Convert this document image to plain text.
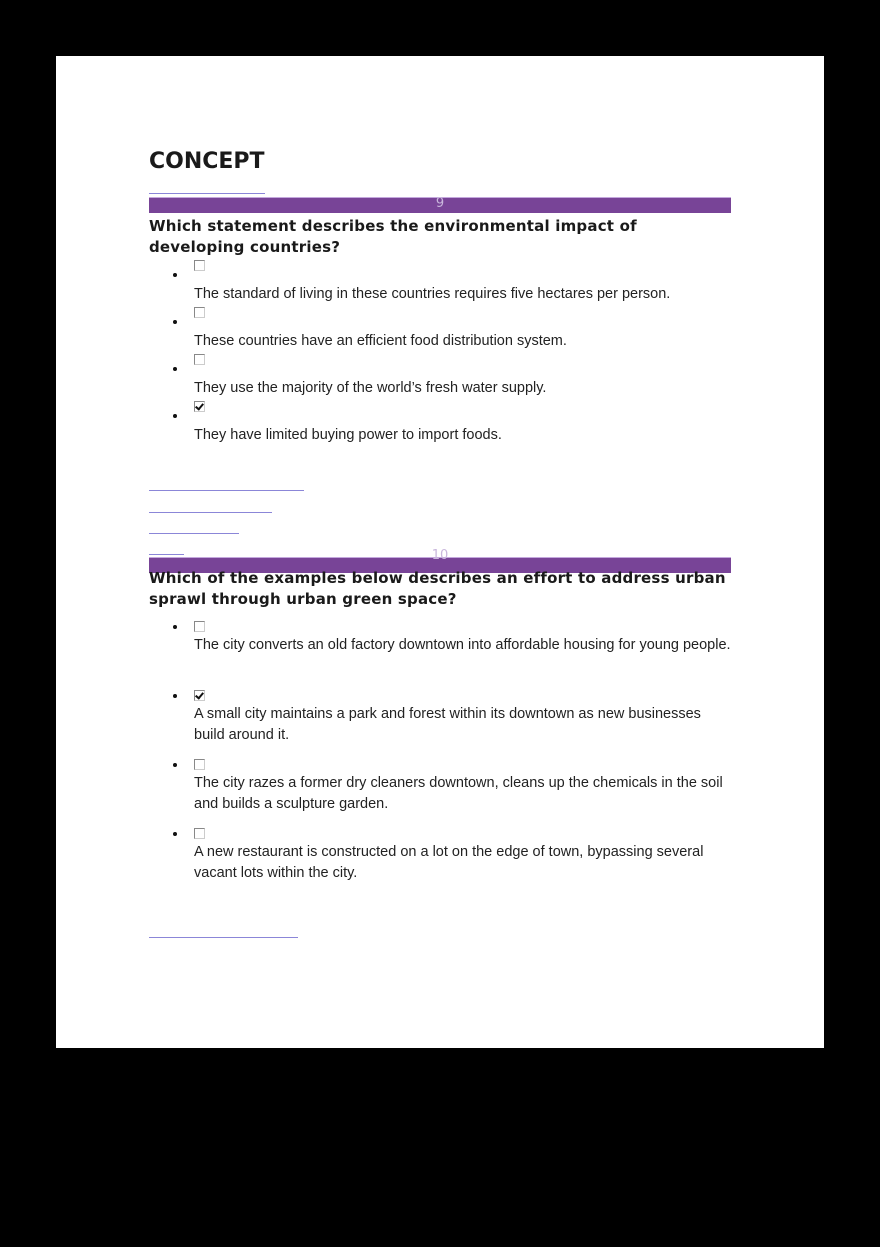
CONCEPT
9

Which statement describes the environmental impact of developing countries?

The standard of living in these countries requires five hectares per person.
These countries have an efficient food distribution system.
They use the majority of the world’s fresh water supply.
They have limited buying power to import foods.
10

Which of the examples below describes an effort to address urban sprawl through urban green space?

The city converts an old factory downtown into affordable housing for young people.
A small city maintains a park and forest within its downtown as new businesses build around it.
The city razes a former dry cleaners downtown, cleans up the chemicals in the soil and builds a sculpture garden.
A new restaurant is constructed on a lot on the edge of town, bypassing several vacant lots within the city.
